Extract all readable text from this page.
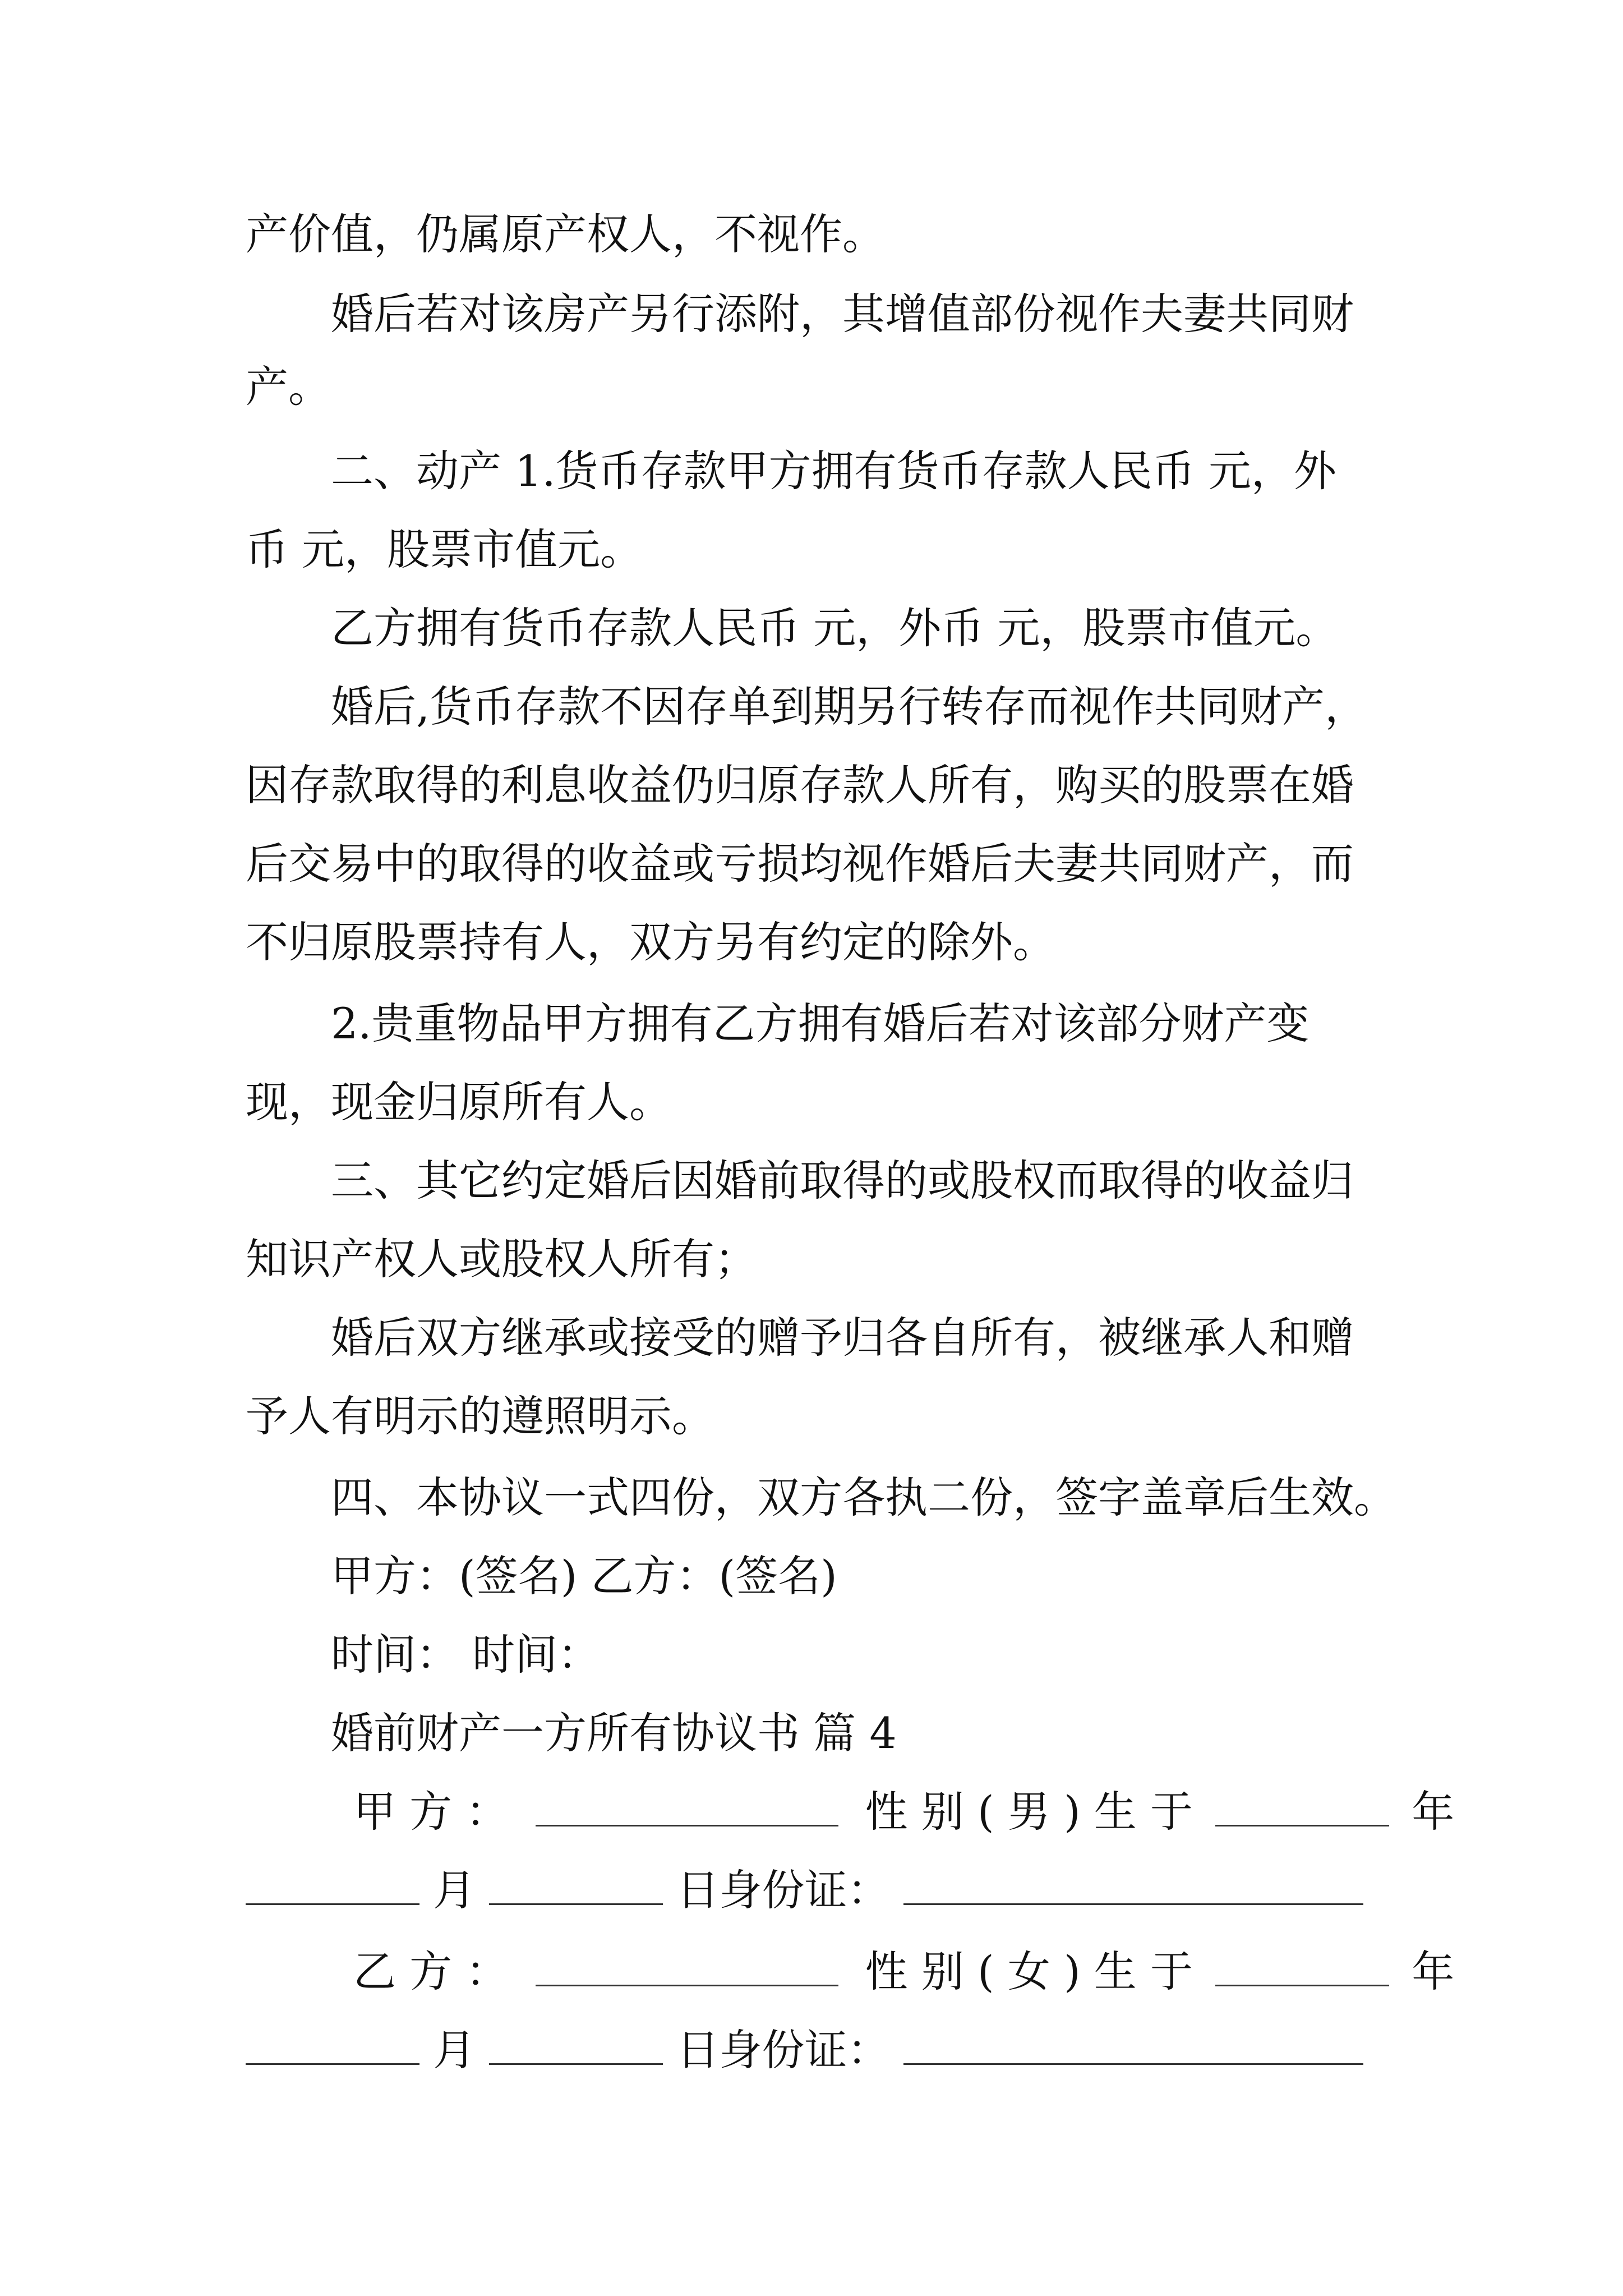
产价值，仍属原产权人，不视作。
婚后若对该房产另行添附，其增值部份视作夫妻共同财
产。
二、动产 1.货币存款甲方拥有货币存款人民币 元，外
币 元，股票市值元。
乙方拥有货币存款人民币 元，外币 元，股票市值元。
婚后,货币存款不因存单到期另行转存而视作共同财产，
因存款取得的利息收益仍归原存款人所有，购买的股票在婚
后交易中的取得的收益或亏损均视作婚后夫妻共同财产，而
不归原股票持有人，双方另有约定的除外。
2.贵重物品甲方拥有乙方拥有婚后若对该部分财产变
现，现金归原所有人。
三、其它约定婚后因婚前取得的或股权而取得的收益归
知识产权人或股权人所有；
婚后双方继承或接受的赠予归各自所有，被继承人和赠
予人有明示的遵照明示。
四、本协议一式四份，双方各执二份，签字盖章后生效。
甲方：(签名) 乙方：(签名)
时间： 时间：
婚前财产一方所有协议书 篇 4
甲 方 ：	性 别 ( 男 ) 生 于	年
月	日身份证：
乙 方 ：	性 别 ( 女 ) 生 于	年
月	日身份证：
